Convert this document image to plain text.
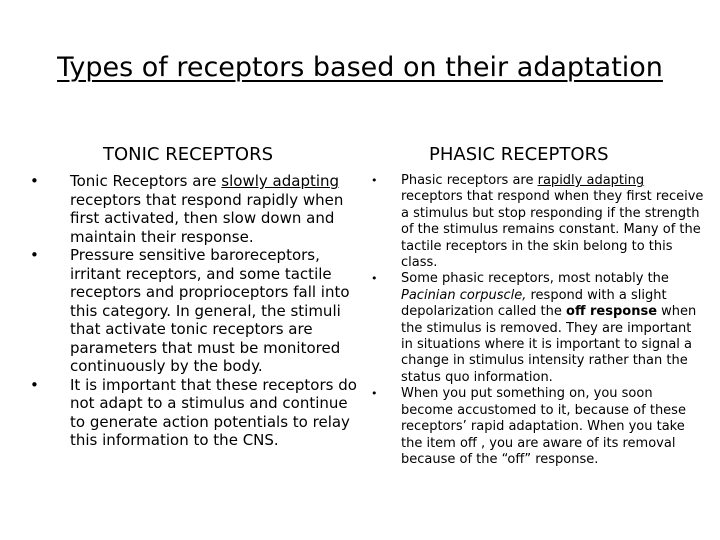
Types of receptors based on their adaptation
TONIC RECEPTORS	PHASIC RECEPTORS
• Tonic Receptors are slowly adapting receptors that respond rapidly when first activated, then slow down and maintain their response.
• Pressure sensitive baroreceptors, irritant receptors, and some tactile receptors and proprioceptors fall into this category. In general, the stimuli that activate tonic receptors are parameters that must be monitored continuously by the body.
• It is important that these receptors do not adapt to a stimulus and continue to generate action potentials to relay this information to the CNS.
• Phasic receptors are rapidly adapting receptors that respond when they first receive a stimulus but stop responding if the strength of the stimulus remains constant. Many of the tactile receptors in the skin belong to this class.
• Some phasic receptors, most notably the Pacinian corpuscle, respond with a slight depolarization called the off response when the stimulus is removed. They are important in situations where it is important to signal a change in stimulus intensity rather than the status quo information.
• When you put something on, you soon become accustomed to it, because of these receptors’ rapid adaptation. When you take the item off , you are aware of its removal because of the “off” response.
